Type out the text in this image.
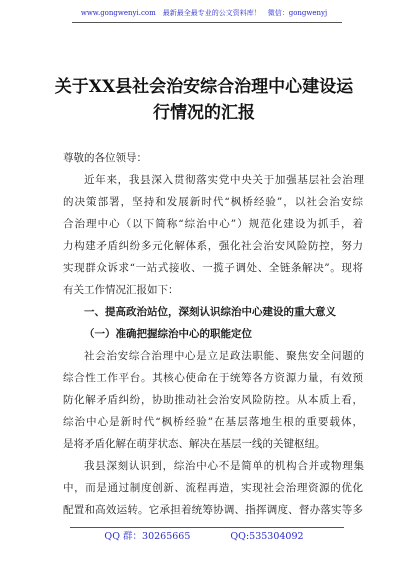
www.gongwenyi.com　最新最全最专业的公文资料库！　微信：gongwenyj
关于XX县社会治安综合治理中心建设运
行情况的汇报
尊敬的各位领导：
近年来，我县深入贯彻落实党中央关于加强基层社会治理
的决策部署，坚持和发展新时代“枫桥经验”，以社会治安综
合治理中心（以下简称“综治中心”）规范化建设为抓手，着
力构建矛盾纠纷多元化解体系，强化社会治安风险防控，努力
实现群众诉求“一站式接收、一揽子调处、全链条解决”。现将
有关工作情况汇报如下：
一、提高政治站位，深刻认识综治中心建设的重大意义
（一）准确把握综治中心的职能定位
社会治安综合治理中心是立足政法职能、聚焦安全问题的
综合性工作平台。其核心使命在于统筹各方资源力量，有效预
防化解矛盾纠纷，协助推动社会治安风险防控。从本质上看，
综治中心是新时代“枫桥经验”在基层落地生根的重要载体，
是将矛盾化解在萌芽状态、解决在基层一线的关键枢纽。
我县深刻认识到，综治中心不是简单的机构合并或物理集
中，而是通过制度创新、流程再造，实现社会治理资源的优化
配置和高效运转。它承担着统筹协调、指挥调度、督办落实等多
QQ 群：30265665	QQ:535304092
